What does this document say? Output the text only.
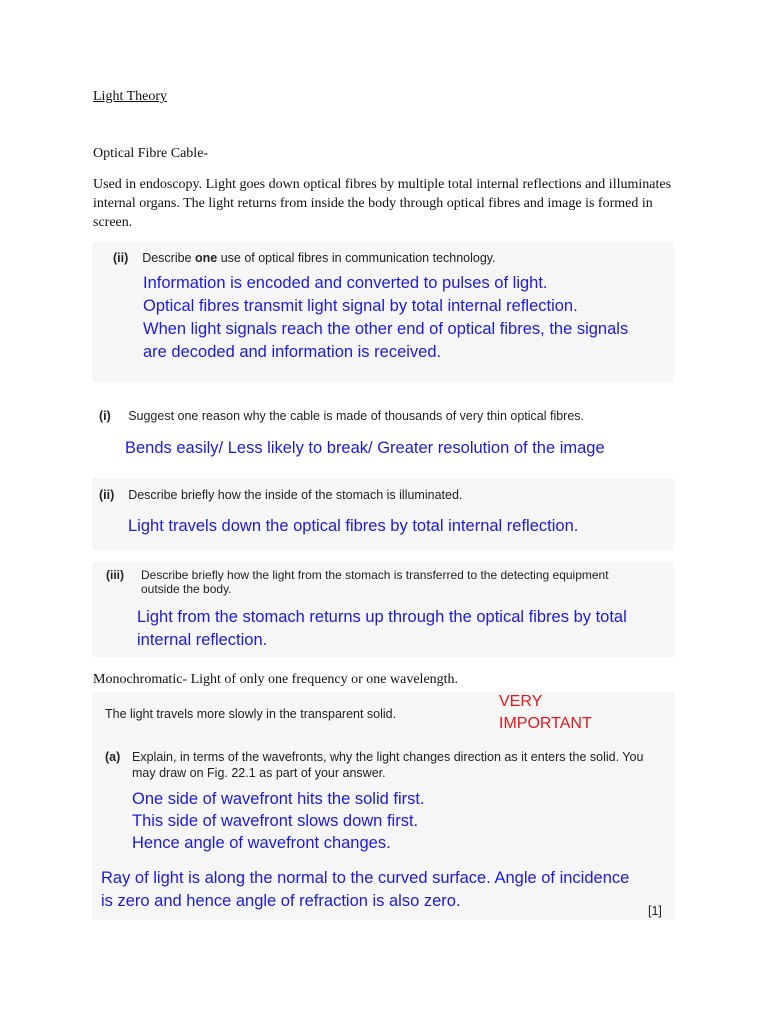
Light Theory
Optical Fibre Cable-
Used in endoscopy. Light goes down optical fibres by multiple total internal reflections and illuminates internal organs. The light returns from inside the body through optical fibres and image is formed in screen.
(ii) Describe one use of optical fibres in communication technology.
Information is encoded and converted to pulses of light.
Optical fibres transmit light signal by total internal reflection.
When light signals reach the other end of optical fibres, the signals
are decoded and information is received.
(i) Suggest one reason why the cable is made of thousands of very thin optical fibres.
Bends easily/ Less likely to break/ Greater resolution of the image
(ii) Describe briefly how the inside of the stomach is illuminated.
Light travels down the optical fibres by total internal reflection.
(iii) Describe briefly how the light from the stomach is transferred to the detecting equipment
outside the body.
Light from the stomach returns up through the optical fibres by total
internal reflection.
Monochromatic- Light of only one frequency or one wavelength.
The light travels more slowly in the transparent solid.
VERY
IMPORTANT
(a) Explain, in terms of the wavefronts, why the light changes direction as it enters the solid. You
may draw on Fig. 22.1 as part of your answer.
One side of wavefront hits the solid first.
This side of wavefront slows down first.
Hence angle of wavefront changes.
Ray of light is along the normal to the curved surface. Angle of incidence
is zero and hence angle of refraction is also zero.
[1]
